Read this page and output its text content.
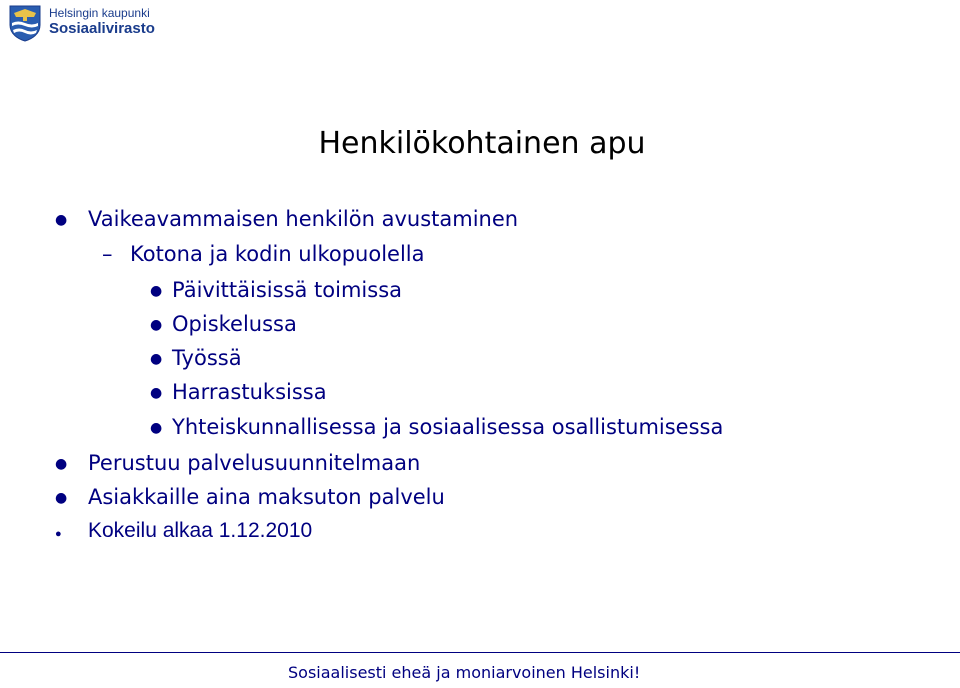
Helsingin kaupunki
Sosiaalivirasto
Henkilökohtainen apu
● Vaikeavammaisen henkilön avustaminen
– Kotona ja kodin ulkopuolella
● Päivittäisissä toimissa
● Opiskelussa
● Työssä
● Harrastuksissa
● Yhteiskunnallisessa ja sosiaalisessa osallistumisessa
● Perustuu palvelusuunnitelmaan
● Asiakkaille aina maksuton palvelu
● Kokeilu alkaa 1.12.2010
Sosiaalisesti eheä ja moniarvoinen Helsinki!
